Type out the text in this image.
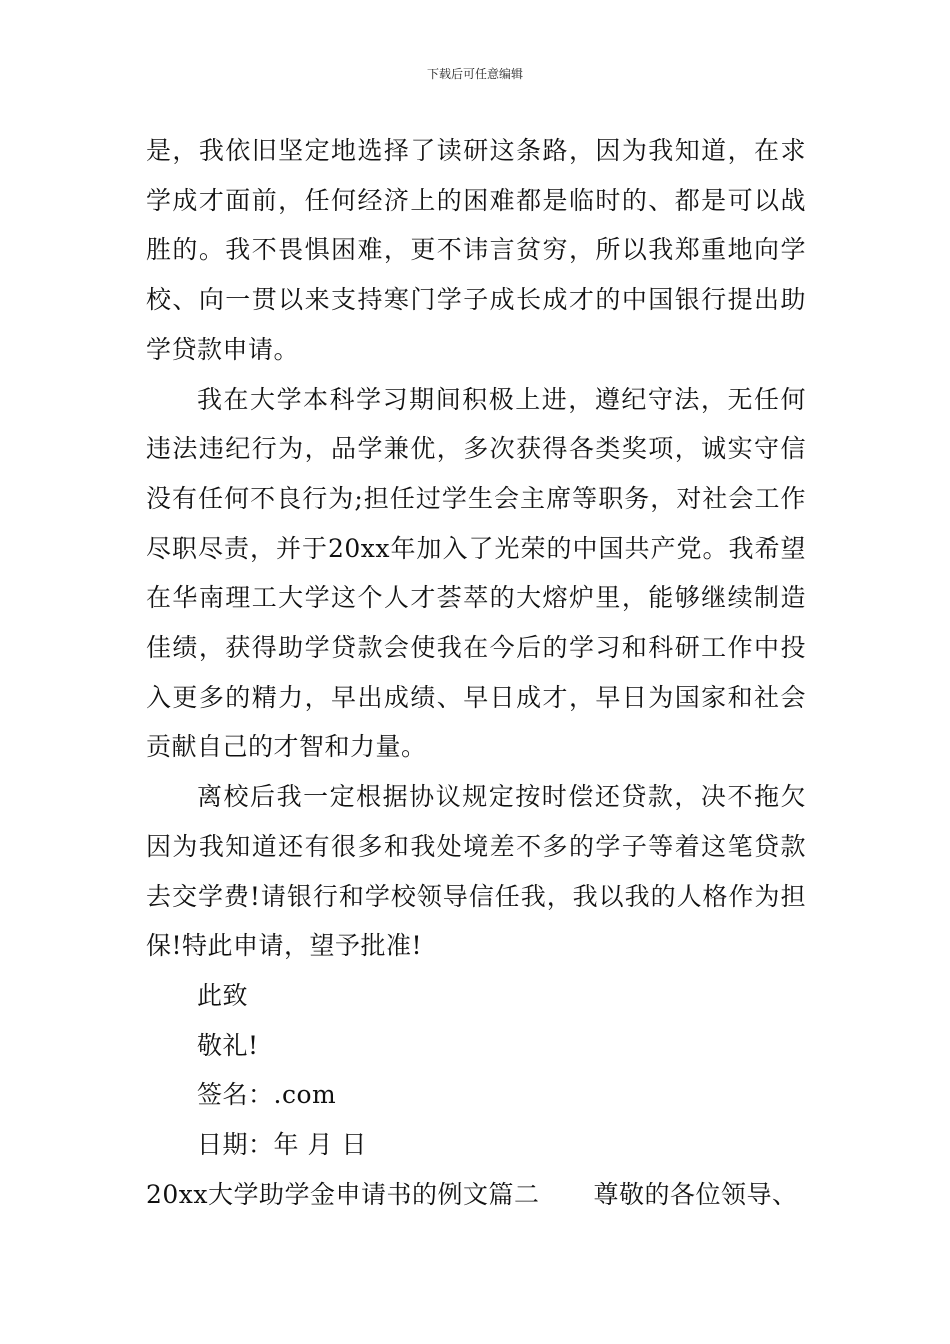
下载后可任意编辑

是，我依旧坚定地选择了读研这条路，因为我知道，在求学成才面前，任何经济上的困难都是临时的、都是可以战胜的。我不畏惧困难，更不讳言贫穷，所以我郑重地向学校、向一贯以来支持寒门学子成长成才的中国银行提出助学贷款申请。

我在大学本科学习期间积极上进，遵纪守法，无任何违法违纪行为，品学兼优，多次获得各类奖项，诚实守信没有任何不良行为;担任过学生会主席等职务，对社会工作尽职尽责，并于20xx年加入了光荣的中国共产党。我希望在华南理工大学这个人才荟萃的大熔炉里，能够继续制造佳绩，获得助学贷款会使我在今后的学习和科研工作中投入更多的精力，早出成绩、早日成才，早日为国家和社会贡献自己的才智和力量。

离校后我一定根据协议规定按时偿还贷款，决不拖欠因为我知道还有很多和我处境差不多的学子等着这笔贷款去交学费!请银行和学校领导信任我，我以我的人格作为担保!特此申请，望予批准!

此致

敬礼!

签名：.com

日期：年 月 日

20xx大学助学金申请书的例文篇二 尊敬的各位领导、
